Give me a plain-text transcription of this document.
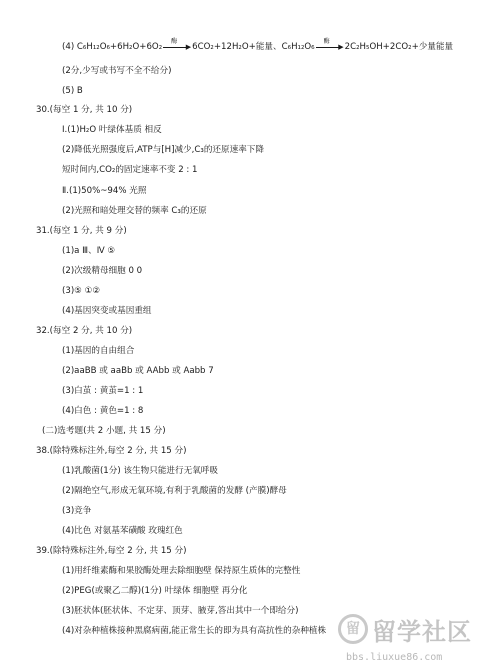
(4) C₆H₁₂O₆+6H₂O+6O₂
酶
▶ 6CO₂+12H₂O+能量、C₆H₁₂O₆
酶
▶ 2C₂H₅OH+2CO₂+少量能量
(2分,少写或书写不全不给分)
(5) B
30.(每空 1 分, 共 10 分)
Ⅰ.(1)H₂O 叶绿体基质 相反
(2)降低光照强度后,ATP与[H]减少,C₃的还原速率下降
短时间内,CO₂的固定速率不变 2 : 1
Ⅱ.(1)50%~94% 光照
(2)光照和暗处理交替的频率 C₃的还原
31.(每空 1 分, 共 9 分)
(1)a Ⅲ、Ⅳ ⑤
(2)次级精母细胞 0 0
(3)⑤ ①②
(4)基因突变或基因重组
32.(每空 2 分, 共 10 分)
(1)基因的自由组合
(2)aaBB 或 aaBb 或 AAbb 或 Aabb 7
(3)白茧 : 黄茧=1 : 1
(4)白色 : 黄色=1 : 8
(二)选考题(共 2 小题, 共 15 分)
38.(除特殊标注外,每空 2 分, 共 15 分)
(1)乳酸菌(1分) 该生物只能进行无氧呼吸
(2)隔绝空气,形成无氧环境,有利于乳酸菌的发酵 (产膜)酵母
(3)竞争
(4)比色 对氨基苯磺酸 玫瑰红色
39.(除特殊标注外,每空 2 分, 共 15 分)
(1)用纤维素酶和果胶酶处理去除细胞壁 保持原生质体的完整性
(2)PEG(或聚乙二醇)(1分) 叶绿体 细胞壁 再分化
(3)胚状体(胚状体、不定芽、顶芽、腋芽,答出其中一个即给分)
(4)对杂种植株接种黑腐病菌,能正常生长的即为具有高抗性的杂种植株	留 留学社区
bbs.liuxue86.com
